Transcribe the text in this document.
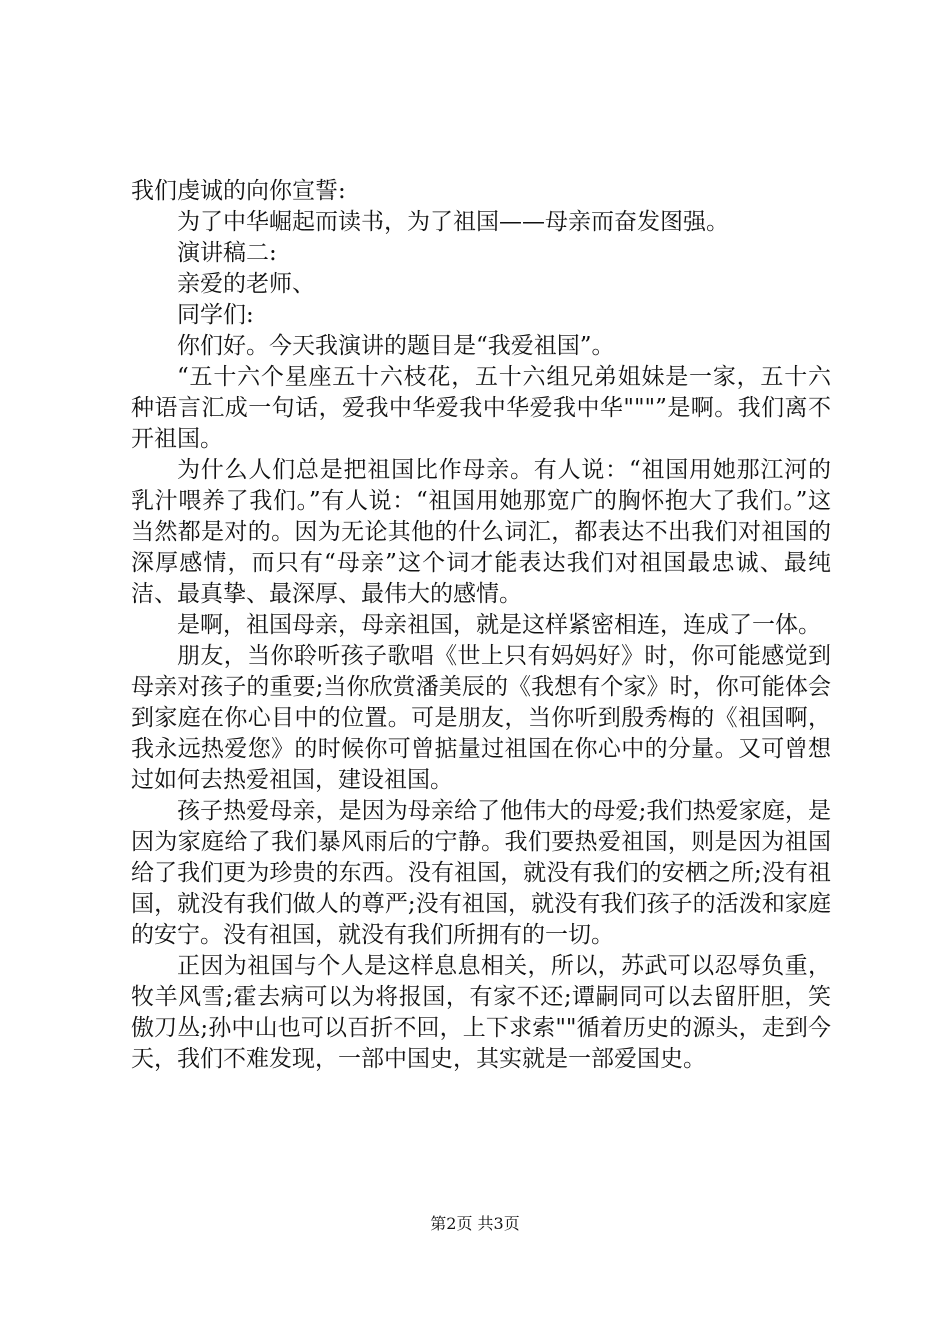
我们虔诚的向你宣誓:

为了中华崛起而读书，为了祖国——母亲而奋发图强。

演讲稿二:

亲爱的老师、

同学们:

你们好。今天我演讲的题目是“我爱祖国”。

“五十六个星座五十六枝花，五十六组兄弟姐妹是一家，五十六种语言汇成一句话，爱我中华爱我中华爱我中华"""”是啊。我们离不开祖国。

为什么人们总是把祖国比作母亲。有人说：“祖国用她那江河的乳汁喂养了我们。”有人说：“祖国用她那宽广的胸怀抱大了我们。”这当然都是对的。因为无论其他的什么词汇，都表达不出我们对祖国的深厚感情，而只有“母亲”这个词才能表达我们对祖国最忠诚、最纯洁、最真挚、最深厚、最伟大的感情。

是啊，祖国母亲，母亲祖国，就是这样紧密相连，连成了一体。

朋友，当你聆听孩子歌唱《世上只有妈妈好》时，你可能感觉到母亲对孩子的重要;当你欣赏潘美辰的《我想有个家》时，你可能体会到家庭在你心目中的位置。可是朋友，当你听到殷秀梅的《祖国啊，我永远热爱您》的时候你可曾掂量过祖国在你心中的分量。又可曾想过如何去热爱祖国，建设祖国。

孩子热爱母亲，是因为母亲给了他伟大的母爱;我们热爱家庭，是因为家庭给了我们暴风雨后的宁静。我们要热爱祖国，则是因为祖国给了我们更为珍贵的东西。没有祖国，就没有我们的安栖之所;没有祖国，就没有我们做人的尊严;没有祖国，就没有我们孩子的活泼和家庭的安宁。没有祖国，就没有我们所拥有的一切。

正因为祖国与个人是这样息息相关，所以，苏武可以忍辱负重，牧羊风雪;霍去病可以为将报国，有家不还;谭嗣同可以去留肝胆，笑傲刀丛;孙中山也可以百折不回，上下求索""循着历史的源头，走到今天，我们不难发现，一部中国史，其实就是一部爱国史。

第2页 共3页
